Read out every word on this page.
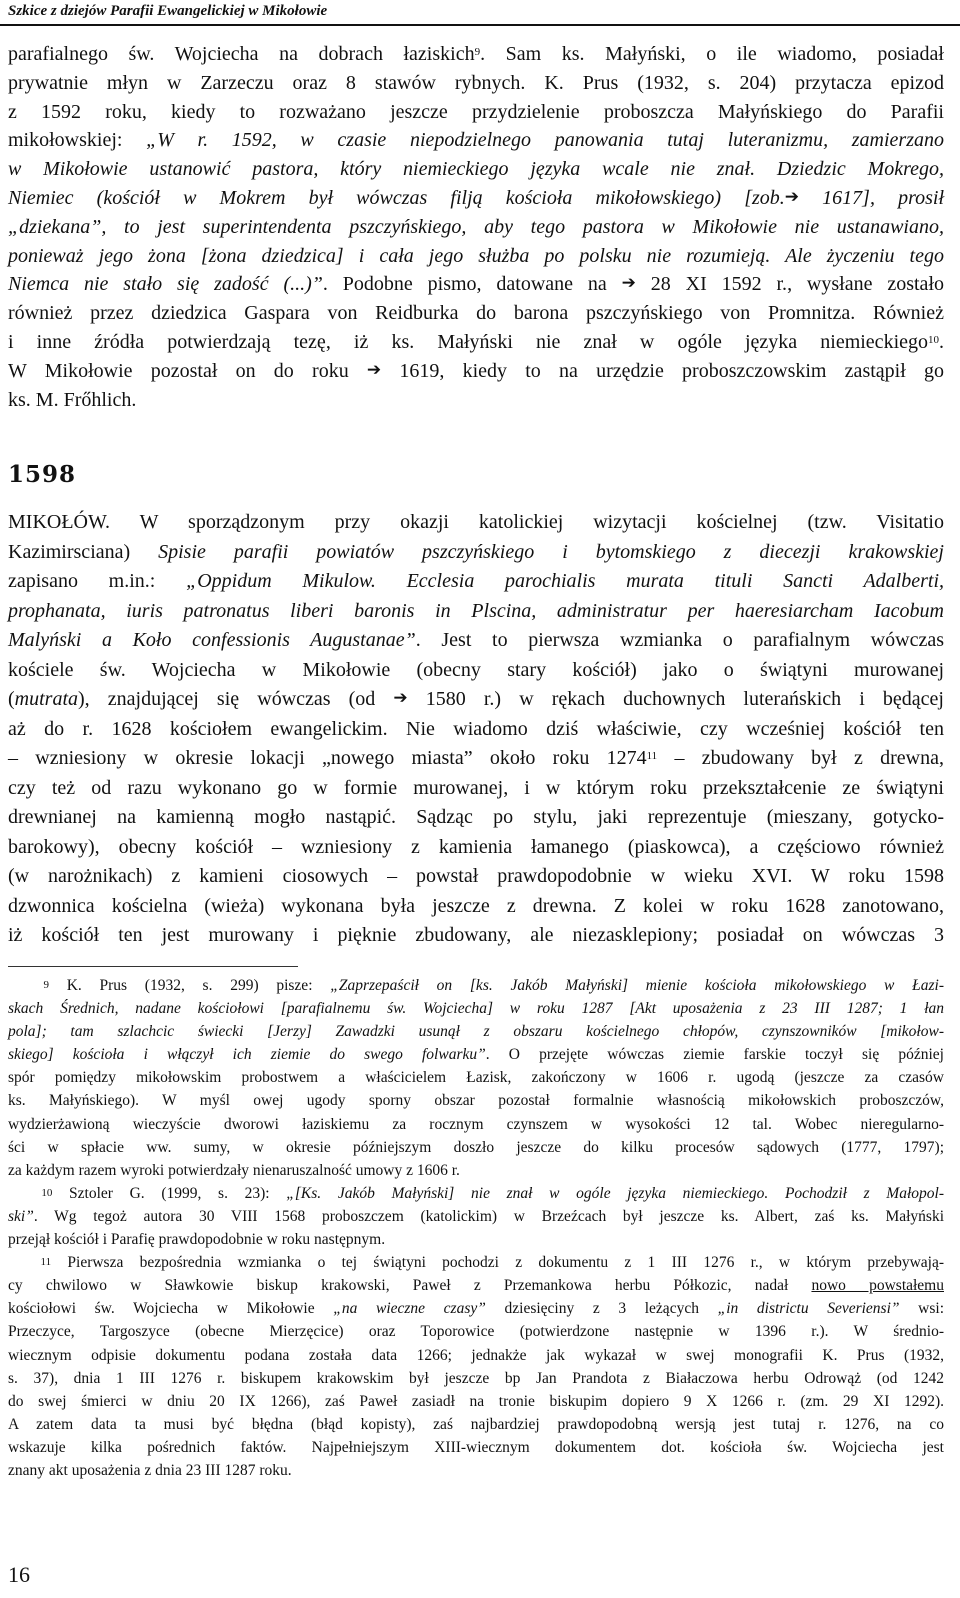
Szkice z dziejów Parafii Ewangelickiej w Mikołowie
parafialnego św. Wojciecha na dobrach łaziskich$^9$. Sam ks. Małyński, o ile wiadomo, posiadał
prywatnie młyn w Zarzeczu oraz 8 stawów rybnych. K. Prus (1932, s. 204) przytacza epizod
z 1592 roku, kiedy to rozważano jeszcze przydzielenie proboszcza Małyńskiego do Parafii
mikołowskiej: „W r. 1592, w czasie niepodzielnego panowania tutaj luteranizmu, zamierzano
w Mikołowie ustanowić pastora, który niemieckiego języka wcale nie znał. Dziedzic Mokrego,
Niemiec (kościół w Mokrem był wówczas filją kościoła mikołowskiego) [zob.➔ 1617], prosił
„dziekana”, to jest superintendenta pszczyńskiego, aby tego pastora w Mikołowie nie ustanawiano,
ponieważ jego żona [żona dziedzica] i cała jego służba po polsku nie rozumieją. Ale życzeniu tego
Niemca nie stało się zadość (...)”. Podobne pismo, datowane na ➔ 28 XI 1592 r., wysłane zostało
również przez dziedzica Gaspara von Reidburka do barona pszczyńskiego von Promnitza. Również
i inne źródła potwierdzają tezę, iż ks. Małyński nie znał w ogóle języka niemieckiego$^{10}$.
W Mikołowie pozostał on do roku ➔ 1619, kiedy to na urzędzie proboszczowskim zastąpił go
ks. M. Frőhlich.
1598
MIKOŁÓW. W sporządzonym przy okazji katolickiej wizytacji kościelnej (tzw. Visitatio
Kazimirsciana) Spisie parafii powiatów pszczyńskiego i bytomskiego z diecezji krakowskiej
zapisano m.in.: „Oppidum Mikulow. Ecclesia parochialis murata tituli Sancti Adalberti,
prophanata, iuris patronatus liberi baronis in Plscina, administratur per haeresiarcham Iacobum
Malyński a Koło confessionis Augustanae”. Jest to pierwsza wzmianka o parafialnym wówczas
kościele św. Wojciecha w Mikołowie (obecny stary kościół) jako o świątyni murowanej
(mutrata), znajdującej się wówczas (od ➔ 1580 r.) w rękach duchownych luterańskich i będącej
aż do r. 1628 kościołem ewangelickim. Nie wiadomo dziś właściwie, czy wcześniej kościół ten
– wzniesiony w okresie lokacji „nowego miasta” około roku 1274$^{11}$ – zbudowany był z drewna,
czy też od razu wykonano go w formie murowanej, i w którym roku przekształcenie ze świątyni
drewnianej na kamienną mogło nastąpić. Sądząc po stylu, jaki reprezentuje (mieszany, gotycko-
barokowy), obecny kościół – wzniesiony z kamienia łamanego (piaskowca), a częściowo również
(w narożnikach) z kamieni ciosowych – powstał prawdopodobnie w wieku XVI. W roku 1598
dzwonnica kościelna (wieża) wykonana była jeszcze z drewna. Z kolei w roku 1628 zanotowano,
iż kościół ten jest murowany i pięknie zbudowany, ale niezasklepiony; posiadał on wówczas 3
$^9$ K. Prus (1932, s. 299) pisze: „Zaprzepaścił on [ks. Jakób Małyński] mienie kościoła mikołowskiego w Łazi-
skach Średnich, nadane kościołowi [parafialnemu św. Wojciecha] w roku 1287 [Akt uposażenia z 23 III 1287; 1 łan
pola]; tam szlachcic świecki [Jerzy] Zawadzki usunął z obszaru kościelnego chłopów, czynszowników [mikołow-
skiego] kościoła i włączył ich ziemie do swego folwarku”. O przejęte wówczas ziemie farskie toczył się później
spór pomiędzy mikołowskim probostwem a właścicielem Łazisk, zakończony w 1606 r. ugodą (jeszcze za czasów
ks. Małyńskiego). W myśl owej ugody sporny obszar pozostał formalnie własnością mikołowskich proboszczów,
wydzierżawioną wieczyście dworowi łaziskiemu za rocznym czynszem w wysokości 12 tal. Wobec nieregularno-
ści w spłacie ww. sumy, w okresie późniejszym doszło jeszcze do kilku procesów sądowych (1777, 1797);
za każdym razem wyroki potwierdzały nienaruszalność umowy z 1606 r.
$^{10}$ Sztoler G. (1999, s. 23): „[Ks. Jakób Małyński] nie znał w ogóle języka niemieckiego. Pochodził z Małopol-
ski”. Wg tegoż autora 30 VIII 1568 proboszczem (katolickim) w Brzeźcach był jeszcze ks. Albert, zaś ks. Małyński
przejął kościół i Parafię prawdopodobnie w roku następnym.
$^{11}$ Pierwsza bezpośrednia wzmianka o tej świątyni pochodzi z dokumentu z 1 III 1276 r., w którym przebywają-
cy chwilowo w Sławkowie biskup krakowski, Paweł z Przemankowa herbu Półkozic, nadał nowo powstałemu
kościołowi św. Wojciecha w Mikołowie „na wieczne czasy” dziesięciny z 3 leżących „in districtu Severiensi” wsi:
Przeczyce, Targoszyce (obecne Mierzęcice) oraz Toporowice (potwierdzone następnie w 1396 r.). W średnio-
wiecznym odpisie dokumentu podana została data 1266; jednakże jak wykazał w swej monografii K. Prus (1932,
s. 37), dnia 1 III 1276 r. biskupem krakowskim był jeszcze bp Jan Prandota z Białaczowa herbu Odrowąż (od 1242
do swej śmierci w dniu 20 IX 1266), zaś Paweł zasiadł na tronie biskupim dopiero 9 X 1266 r. (zm. 29 XI 1292).
A zatem data ta musi być błędna (błąd kopisty), zaś najbardziej prawdopodobną wersją jest tutaj r. 1276, na co
wskazuje kilka pośrednich faktów. Najpełniejszym XIII-wiecznym dokumentem dot. kościoła św. Wojciecha jest
znany akt uposażenia z dnia 23 III 1287 roku.
16
